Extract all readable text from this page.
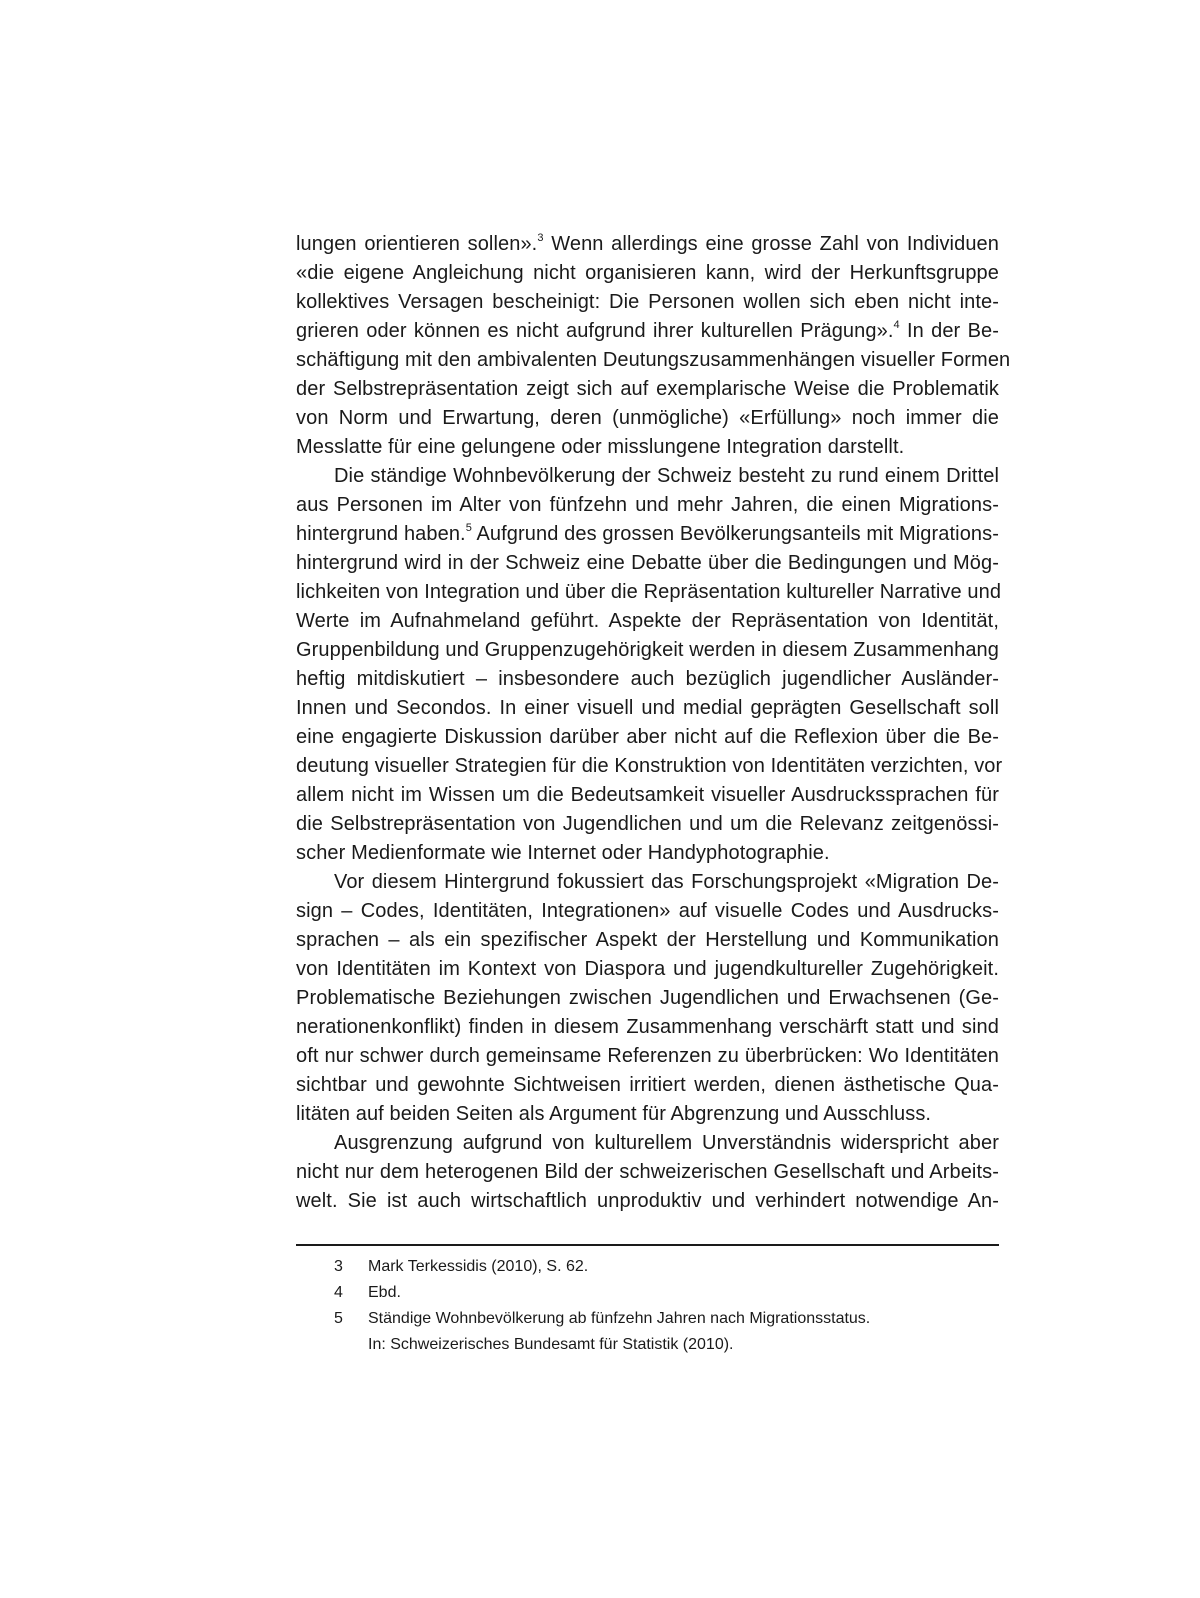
lungen orientieren sollen».$^3$ Wenn allerdings eine grosse Zahl von Individuen
«die eigene Angleichung nicht organisieren kann, wird der Herkunftsgruppe
kollektives Versagen bescheinigt: Die Personen wollen sich eben nicht inte-
grieren oder können es nicht aufgrund ihrer kulturellen Prägung».$^4$ In der Be-
schäftigung mit den ambivalenten Deutungszusammenhängen visueller Formen
der Selbstrepräsentation zeigt sich auf exemplarische Weise die Problematik
von Norm und Erwartung, deren (unmögliche) «Erfüllung» noch immer die
Messlatte für eine gelungene oder misslungene Integration darstellt.

Die ständige Wohnbevölkerung der Schweiz besteht zu rund einem Drittel
aus Personen im Alter von fünfzehn und mehr Jahren, die einen Migrations-
hintergrund haben.$^5$ Aufgrund des grossen Bevölkerungsanteils mit Migrations-
hintergrund wird in der Schweiz eine Debatte über die Bedingungen und Mög-
lichkeiten von Integration und über die Repräsentation kultureller Narrative und
Werte im Aufnahmeland geführt. Aspekte der Repräsentation von Identität,
Gruppenbildung und Gruppenzugehörigkeit werden in diesem Zusammenhang
heftig mitdiskutiert – insbesondere auch bezüglich jugendlicher Ausländer-
Innen und Secondos. In einer visuell und medial geprägten Gesellschaft soll
eine engagierte Diskussion darüber aber nicht auf die Reflexion über die Be-
deutung visueller Strategien für die Konstruktion von Identitäten verzichten, vor
allem nicht im Wissen um die Bedeutsamkeit visueller Ausdruckssprachen für
die Selbstrepräsentation von Jugendlichen und um die Relevanz zeitgenössi-
scher Medienformate wie Internet oder Handyphotographie.

Vor diesem Hintergrund fokussiert das Forschungsprojekt «Migration De-
sign – Codes, Identitäten, Integrationen» auf visuelle Codes und Ausdrucks-
sprachen – als ein spezifischer Aspekt der Herstellung und Kommunikation
von Identitäten im Kontext von Diaspora und jugendkultureller Zugehörigkeit.
Problematische Beziehungen zwischen Jugendlichen und Erwachsenen (Ge-
nerationenkonflikt) finden in diesem Zusammenhang verschärft statt und sind
oft nur schwer durch gemeinsame Referenzen zu überbrücken: Wo Identitäten
sichtbar und gewohnte Sichtweisen irritiert werden, dienen ästhetische Qua-
litäten auf beiden Seiten als Argument für Abgrenzung und Ausschluss.

Ausgrenzung aufgrund von kulturellem Unverständnis widerspricht aber
nicht nur dem heterogenen Bild der schweizerischen Gesellschaft und Arbeits-
welt. Sie ist auch wirtschaftlich unproduktiv und verhindert notwendige An-

3	Mark Terkessidis (2010), S. 62.
4	Ebd.
5	Ständige Wohnbevölkerung ab fünfzehn Jahren nach Migrationsstatus.
In: Schweizerisches Bundesamt für Statistik (2010).
